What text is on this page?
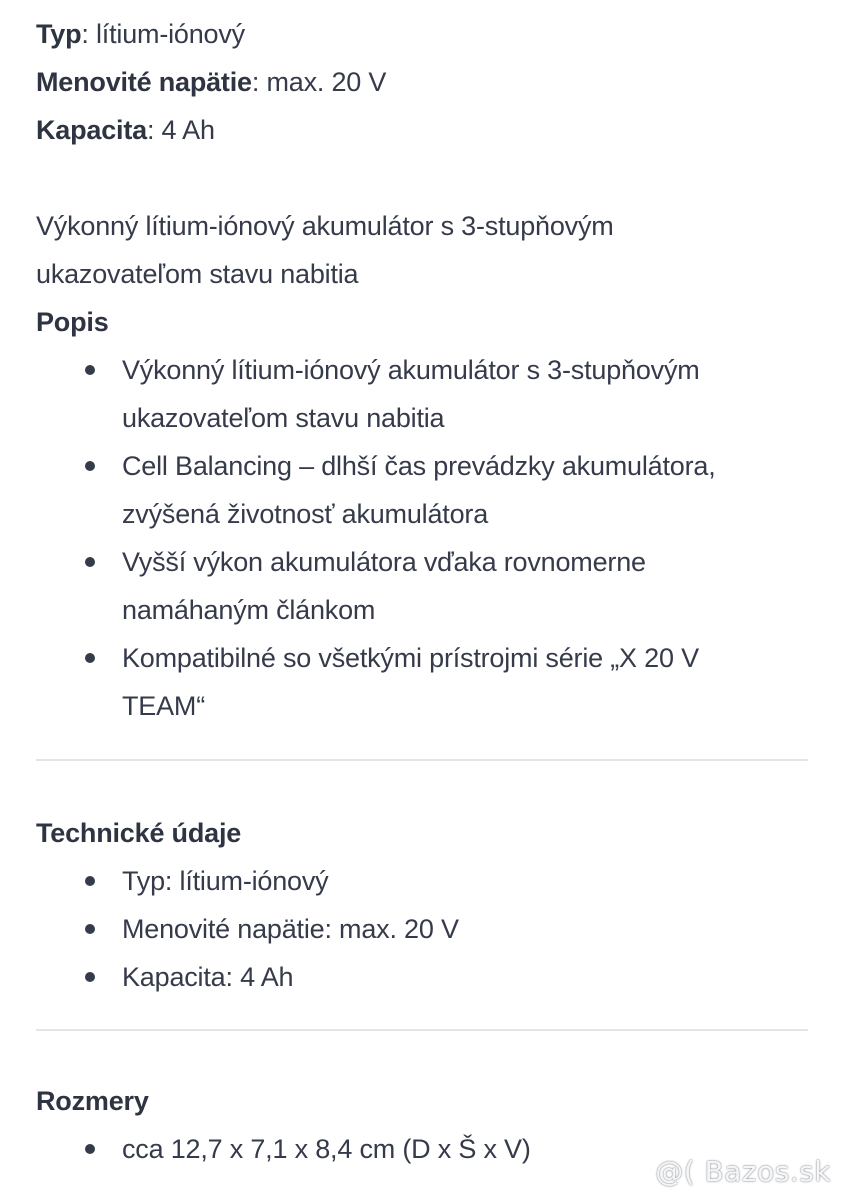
Typ: lítium-iónový

Menovité napätie: max. 20 V

Kapacita: 4 Ah

Výkonný lítium-iónový akumulátor s 3-stupňovým ukazovateľom stavu nabitia

Popis

Výkonný lítium-iónový akumulátor s 3-stupňovým ukazovateľom stavu nabitia
Cell Balancing – dlhší čas prevádzky akumulátora, zvýšená životnosť akumulátora
Vyšší výkon akumulátora vďaka rovnomerne namáhaným článkom
Kompatibilné so všetkými prístrojmi série „X 20 V TEAM“

Technické údaje

Typ: lítium-iónový
Menovité napätie: max. 20 V
Kapacita: 4 Ah

Rozmery

cca 12,7 x 7,1 x 8,4 cm (D x Š x V)
@( Bazos.sk
